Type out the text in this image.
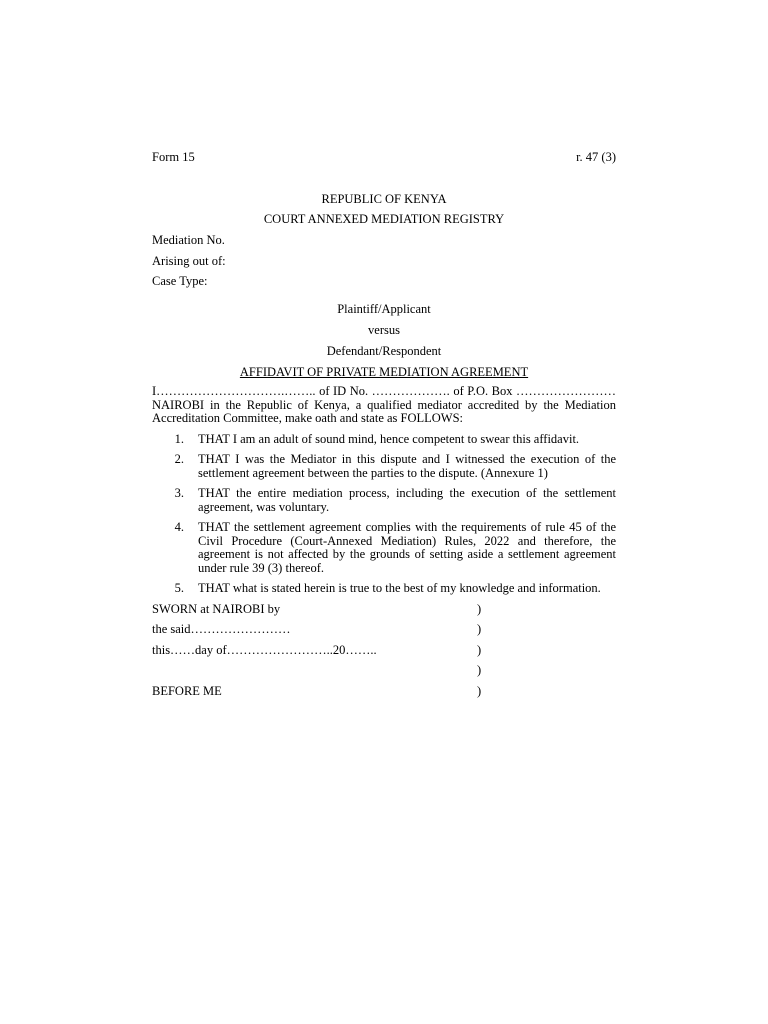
Form 15	r. 47 (3)
REPUBLIC OF KENYA
COURT ANNEXED MEDIATION REGISTRY
Mediation No.
Arising out of:
Case Type:
Plaintiff/Applicant
versus
Defendant/Respondent
AFFIDAVIT OF PRIVATE MEDIATION AGREEMENT
I………………………….…….. of ID No. ………………. of P.O. Box …………………… NAIROBI in the Republic of Kenya, a qualified mediator accredited by the Mediation Accreditation Committee, make oath and state as FOLLOWS:
1.	THAT I am an adult of sound mind, hence competent to swear this affidavit.
2.	THAT I was the Mediator in this dispute and I witnessed the execution of the settlement agreement between the parties to the dispute. (Annexure 1)
3.	THAT the entire mediation process, including the execution of the settlement agreement, was voluntary.
4.	THAT the settlement agreement complies with the requirements of rule 45 of the Civil Procedure (Court-Annexed Mediation) Rules, 2022 and therefore, the agreement is not affected by the grounds of setting aside a settlement agreement under rule 39 (3) thereof.
5.	THAT what is stated herein is true to the best of my knowledge and information.
SWORN at NAIROBI by	)
the said……………………	)
this……day of……………………..20……..	)
)
BEFORE ME	)
